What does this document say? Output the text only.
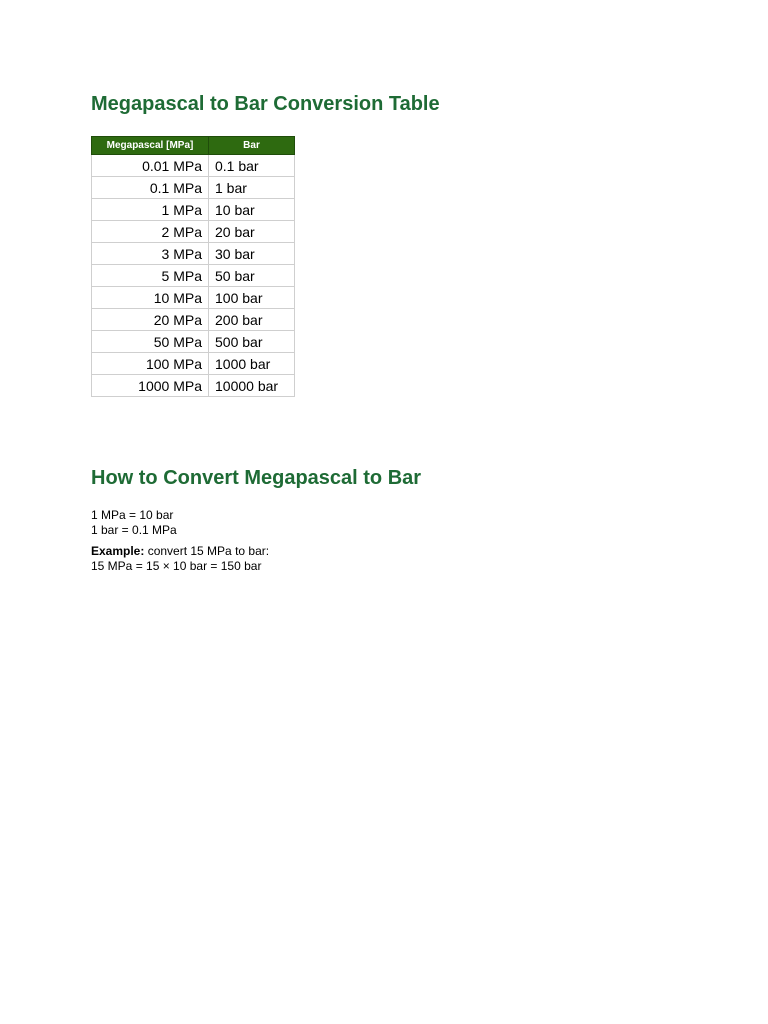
Megapascal to Bar Conversion Table
Megapascal [MPa]	Bar
0.01 MPa	0.1 bar
0.1 MPa	1 bar
1 MPa	10 bar
2 MPa	20 bar
3 MPa	30 bar
5 MPa	50 bar
10 MPa	100 bar
20 MPa	200 bar
50 MPa	500 bar
100 MPa	1000 bar
1000 MPa	10000 bar
How to Convert Megapascal to Bar

1 MPa = 10 bar

1 bar = 0.1 MPa

Example: convert 15 MPa to bar:

15 MPa = 15 × 10 bar = 150 bar
